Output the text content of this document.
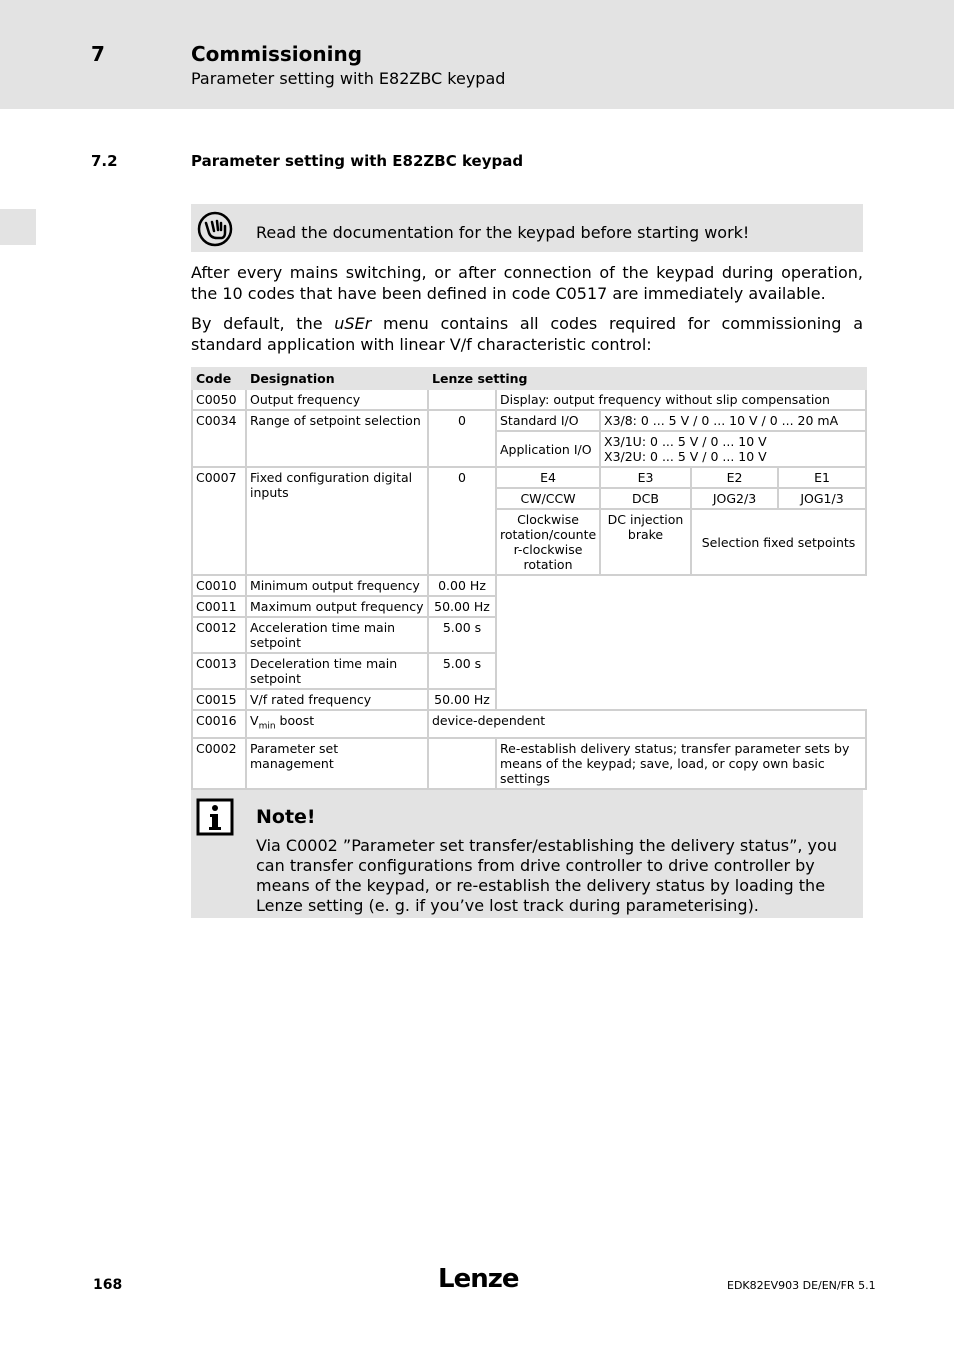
7	Commissioning
Parameter setting with E82ZBC keypad
7.2	Parameter setting with E82ZBC keypad
Read the documentation for the keypad before starting work!
After every mains switching, or after connection of the keypad during operation, the 10 codes that have been defined in code C0517 are immediately available.
By default, the uSEr menu contains all codes required for commissioning a standard application with linear V/f characteristic control:
Code	Designation	Lenze setting				
C0050	Output frequency		Display: output frequency without slip compensation			
C0034	Range of setpoint selection	0	Standard I/O	X3/8: 0 ... 5 V / 0 ... 10 V / 0 ... 20 mA		
			Application I/O	X3/1U: 0 ... 5 V / 0 ... 10 V
X3/2U: 0 ... 5 V / 0 ... 10 V		

C0007	Fixed configuration digital inputs	0	E4	E3	E2	E1
			CW/CCW	DCB	JOG2/3	JOG1/3
			Clockwise rotation/counte r-clockwise rotation	DC injection brake	Selection fixed setpoints	
C0010	Minimum output frequency	0.00 Hz				
C0011	Maximum output frequency	50.00 Hz				
C0012	Acceleration time main setpoint	5.00 s				
C0013	Deceleration time main setpoint	5.00 s				
C0015	V/f rated frequency	50.00 Hz				
C0016	$V_{min}$ boost	device-dependent				
C0002	Parameter set management		Re-establish delivery status; transfer parameter sets by means of the keypad; save, load, or copy own basic settings			
Note!
Via C0002 ”Parameter set transfer/establishing the delivery status”, you can transfer configurations from drive controller to drive controller by means of the keypad, or re-establish the delivery status by loading the Lenze setting (e. g. if you’ve lost track during parameterising).
168	Lenze	EDK82EV903 DE/EN/FR 5.1
